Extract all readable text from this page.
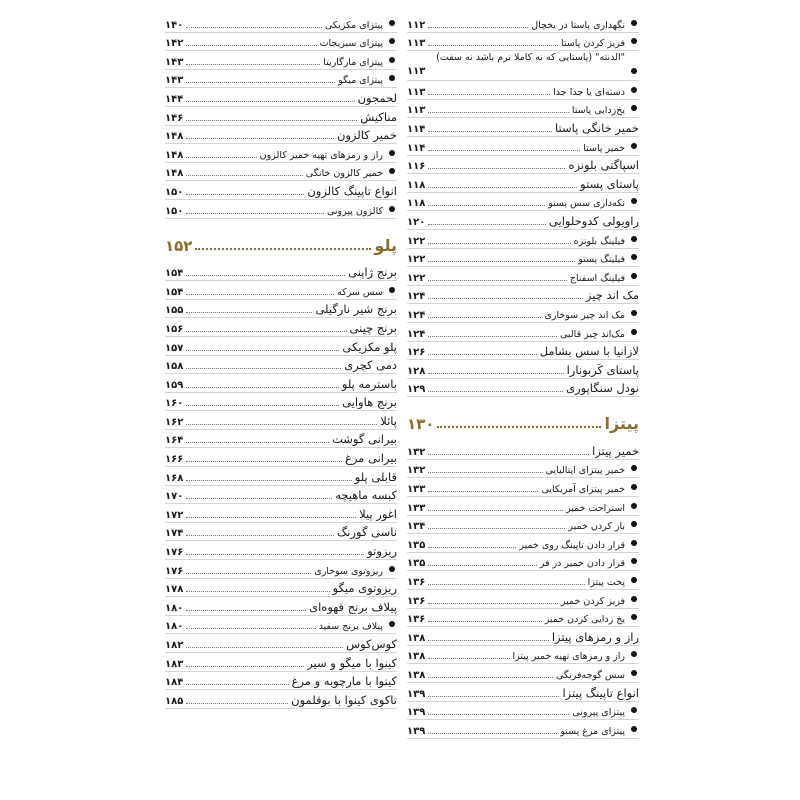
نگهداری پاستا در یخچال
۱۱۲
فریز کردن پاستا
۱۱۳
"الدنته" (پاستایی که نه کاملا نرم باشد نه سفت)
۱۱۳
دسته‌ای یا جدا جدا
۱۱۳
یخ‌زدایی پاستا
۱۱۳
خمیر خانگی پاستا
۱۱۴
خمیر پاستا
۱۱۴
اسپاگتی بلونزه
۱۱۶
پاستای پستو
۱۱۸
نکه‌داری سس پستو
۱۱۸
راویولی کدوحلوایی
۱۲۰
فیلینگ بلونزه
۱۲۲
فیلینگ پستو
۱۲۲
فیلینگ اسفناج
۱۲۲
مک اند چیز
۱۲۴
مک اند چیز سوخاری
۱۲۴
مک‌اند چیز قالبی
۱۲۴
لازانیا با سس بشامل
۱۲۶
پاستای کَربونارا
۱۲۸
نودل سنگاپوری
۱۲۹
پیتزا
۱۳۰
خمیر پیتزا
۱۳۲
خمیر پیتزای ایتالیایی
۱۳۲
خمیر پیتزای آمریکایی
۱۳۳
استراحت خمیر
۱۳۳
باز کردن خمیر
۱۳۴
قرار دادن تاپینگ روی خمیر
۱۳۵
قرار دادن خمیر در فر
۱۳۵
پخت پیتزا
۱۳۶
فریز کردن خمیر
۱۳۶
یخ زدایی کردن خمیر
۱۳۶
راز و رمزهای پیتزا
۱۳۸
راز و رمزهای تهیه خمیر پیتزا
۱۳۸
سس گوجه‌فرنگی
۱۳۸
انواع تاپینگ پیتزا
۱۳۹
پیتزای پپرونی
۱۳۹
پیتزای مرغ پستو
۱۳۹
پیتزای مکزیکی
۱۴۰
پیتزای سبزیجات
۱۴۲
پیتزای مارگاریتا
۱۴۳
پیتزای میگو
۱۴۳
لحمجون
۱۴۴
مناکیش
۱۴۶
خمیر کالزون
۱۴۸
راز و رمزهای تهیه خمیر کالزون
۱۴۸
خمیر کالزون خانگی
۱۴۸
انواع تاپینگ کالزون
۱۵۰
کالزون پپرونی
۱۵۰
پلو
۱۵۲
برنج ژاپنی
۱۵۴
سس سرکه
۱۵۴
برنج شیر نارگیلی
۱۵۵
برنج چینی
۱۵۶
پلو مکزیکی
۱۵۷
دمی کچری
۱۵۸
باسترمه پلو
۱۵۹
برنج هاوایی
۱۶۰
پائلا
۱۶۲
بیرانی گوشت
۱۶۴
بیرانی مرغ
۱۶۶
قابلی پلو
۱۶۸
کبسه ماهیچه
۱۷۰
اغور پیلا
۱۷۲
ناسی گورنگ
۱۷۴
ریزوتو
۱۷۶
ریزوتوی سوخاری
۱۷۶
ریزوتوی میگو
۱۷۸
پیلاف برنج قهوه‌ای
۱۸۰
پیلاف برنج سفید
۱۸۰
کوس‌کوس
۱۸۲
کینوا با میگو و سیر
۱۸۳
کینوا با مارچوبه و مرغ
۱۸۴
تاکوی کینوا با بوقلمون
۱۸۵
